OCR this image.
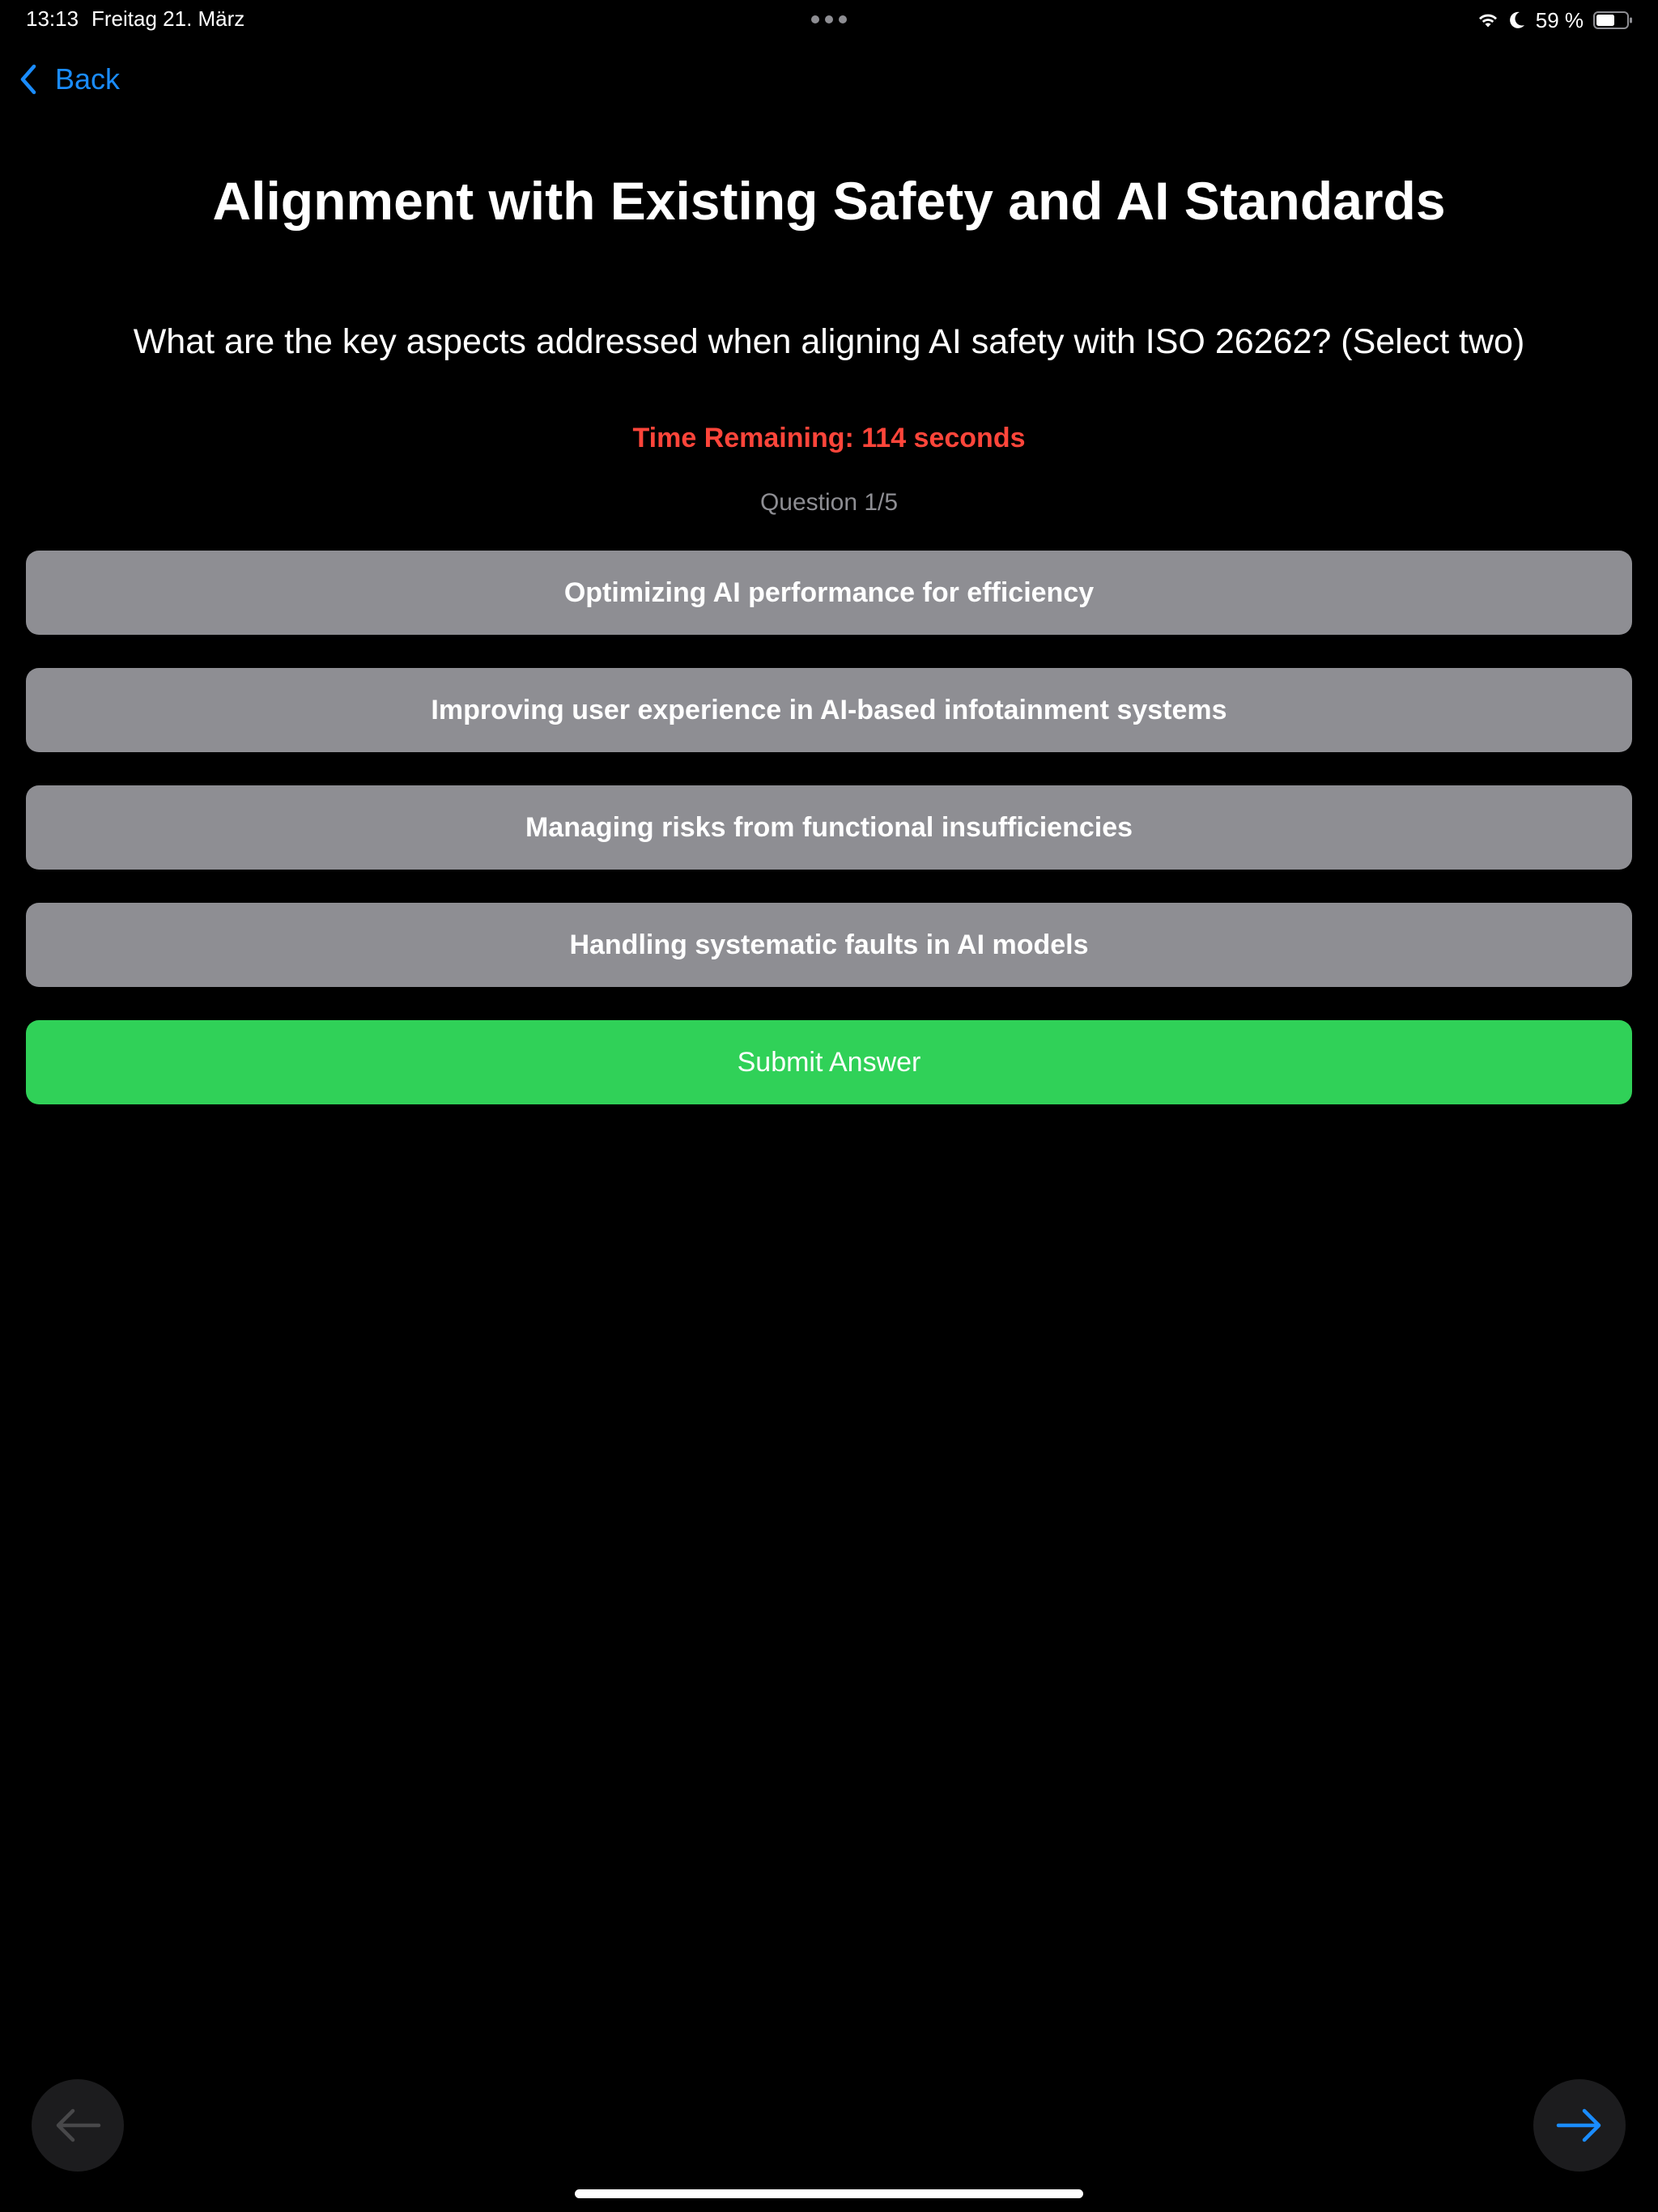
13:13 Freitag 21. März	59 %
Back
Alignment with Existing Safety and AI Standards
What are the key aspects addressed when aligning AI safety with ISO 26262? (Select two)
Time Remaining: 114 seconds
Question 1/5
Optimizing AI performance for efficiency
Improving user experience in AI-based infotainment systems
Managing risks from functional insufficiencies
Handling systematic faults in AI models
Submit Answer
